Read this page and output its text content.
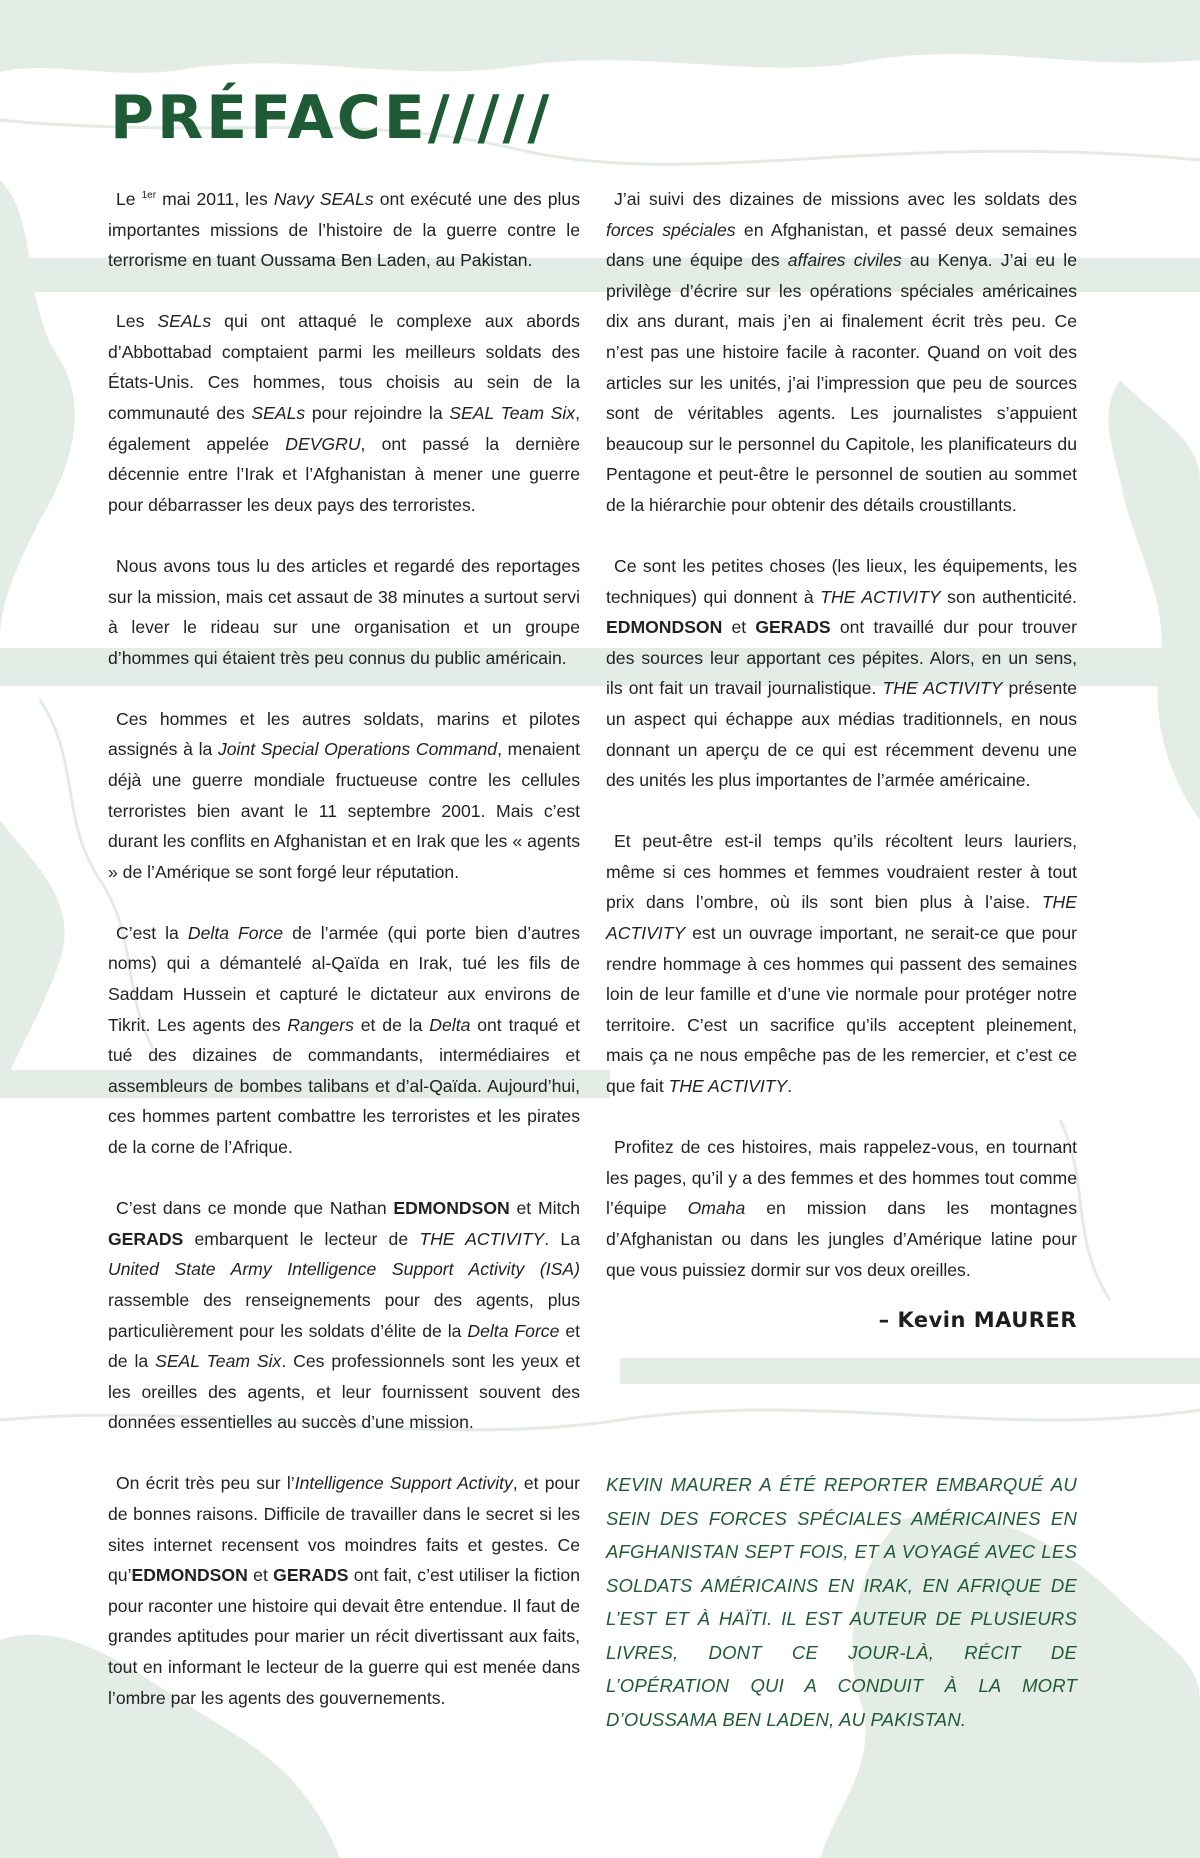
PRÉFACE/////

Le $^{1er}$ mai 2011, les Navy SEALs ont exécuté une des plus importantes missions de l’histoire de la guerre contre le terrorisme en tuant Oussama Ben Laden, au Pakistan.

Les SEALs qui ont attaqué le complexe aux abords d’Abbottabad comptaient parmi les meilleurs soldats des États-Unis. Ces hommes, tous choisis au sein de la communauté des SEALs pour rejoindre la SEAL Team Six, également appelée DEVGRU, ont passé la dernière décennie entre l’Irak et l’Afghanistan à mener une guerre pour débarrasser les deux pays des terroristes.

Nous avons tous lu des articles et regardé des reportages sur la mission, mais cet assaut de 38 minutes a surtout servi à lever le rideau sur une organisation et un groupe d’hommes qui étaient très peu connus du public américain.

Ces hommes et les autres soldats, marins et pilotes assignés à la Joint Special Operations Command, menaient déjà une guerre mondiale fructueuse contre les cellules terroristes bien avant le 11 septembre 2001. Mais c’est durant les conflits en Afghanistan et en Irak que les « agents » de l’Amérique se sont forgé leur réputation.

C’est la Delta Force de l’armée (qui porte bien d’autres noms) qui a démantelé al-Qaïda en Irak, tué les fils de Saddam Hussein et capturé le dictateur aux environs de Tikrit. Les agents des Rangers et de la Delta ont traqué et tué des dizaines de commandants, intermédiaires et assembleurs de bombes talibans et d’al-Qaïda. Aujourd’hui, ces hommes partent combattre les terroristes et les pirates de la corne de l’Afrique.

C’est dans ce monde que Nathan EDMONDSON et Mitch GERADS embarquent le lecteur de THE ACTIVITY. La United State Army Intelligence Support Activity (ISA) rassemble des renseignements pour des agents, plus particulièrement pour les soldats d’élite de la Delta Force et de la SEAL Team Six. Ces professionnels sont les yeux et les oreilles des agents, et leur fournissent souvent des données essentielles au succès d’une mission.

On écrit très peu sur l’Intelligence Support Activity, et pour de bonnes raisons. Difficile de travailler dans le secret si les sites internet recensent vos moindres faits et gestes. Ce qu’EDMONDSON et GERADS ont fait, c’est utiliser la fiction pour raconter une histoire qui devait être entendue. Il faut de grandes aptitudes pour marier un récit divertissant aux faits, tout en informant le lecteur de la guerre qui est menée dans l’ombre par les agents des gouvernements.

J’ai suivi des dizaines de missions avec les soldats des forces spéciales en Afghanistan, et passé deux semaines dans une équipe des affaires civiles au Kenya. J’ai eu le privilège d’écrire sur les opérations spéciales américaines dix ans durant, mais j’en ai finalement écrit très peu. Ce n’est pas une histoire facile à raconter. Quand on voit des articles sur les unités, j’ai l’impression que peu de sources sont de véritables agents. Les journalistes s’appuient beaucoup sur le personnel du Capitole, les planificateurs du Pentagone et peut-être le personnel de soutien au sommet de la hiérarchie pour obtenir des détails croustillants.

Ce sont les petites choses (les lieux, les équipements, les techniques) qui donnent à THE ACTIVITY son authenticité. EDMONDSON et GERADS ont travaillé dur pour trouver des sources leur apportant ces pépites. Alors, en un sens, ils ont fait un travail journalistique. THE ACTIVITY présente un aspect qui échappe aux médias traditionnels, en nous donnant un aperçu de ce qui est récemment devenu une des unités les plus importantes de l’armée américaine.

Et peut-être est-il temps qu’ils récoltent leurs lauriers, même si ces hommes et femmes voudraient rester à tout prix dans l’ombre, où ils sont bien plus à l’aise. THE ACTIVITY est un ouvrage important, ne serait-ce que pour rendre hommage à ces hommes qui passent des semaines loin de leur famille et d’une vie normale pour protéger notre territoire. C’est un sacrifice qu’ils acceptent pleinement, mais ça ne nous empêche pas de les remercier, et c’est ce que fait THE ACTIVITY.

Profitez de ces histoires, mais rappelez-vous, en tournant les pages, qu’il y a des femmes et des hommes tout comme l’équipe Omaha en mission dans les montagnes d’Afghanistan ou dans les jungles d’Amérique latine pour que vous puissiez dormir sur vos deux oreilles.

– Kevin MAURER

KEVIN MAURER A ÉTÉ REPORTER EMBARQUÉ AU SEIN DES FORCES SPÉCIALES AMÉRICAINES EN AFGHANISTAN SEPT FOIS, ET A VOYAGÉ AVEC LES SOLDATS AMÉRICAINS EN IRAK, EN AFRIQUE DE L’EST ET À HAÏTI. IL EST AUTEUR DE PLUSIEURS LIVRES, DONT CE JOUR-LÀ, RÉCIT DE L’OPÉRATION QUI A CONDUIT À LA MORT D’OUSSAMA BEN LADEN, AU PAKISTAN.
